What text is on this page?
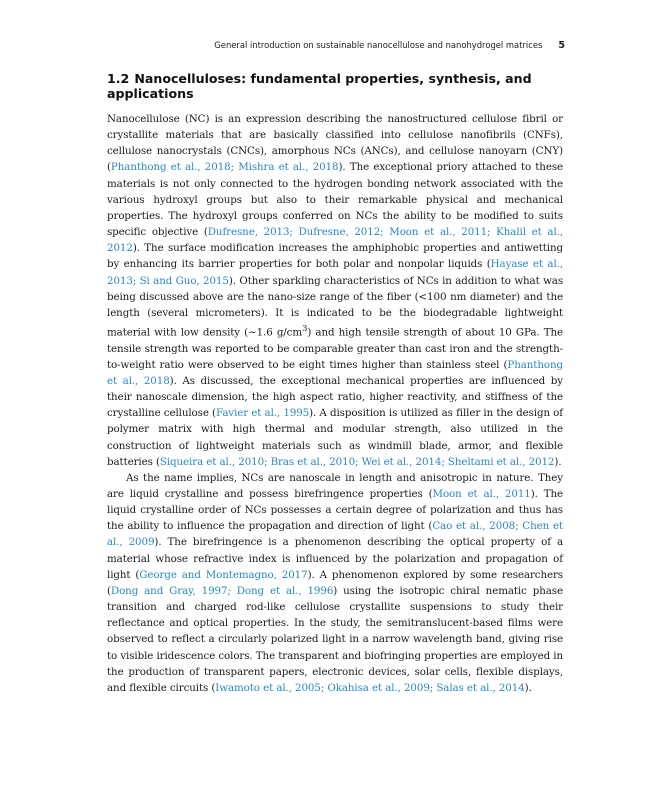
General introduction on sustainable nanocellulose and nanohydrogel matrices 5
1.2 Nanocelluloses: fundamental properties, synthesis, and applications

Nanocellulose (NC) is an expression describing the nanostructured cellulose fibril or crystallite materials that are basically classified into cellulose nanofibrils (CNFs), cellulose nanocrystals (CNCs), amorphous NCs (ANCs), and cellulose nanoyarn (CNY) (Phanthong et al., 2018; Mishra et al., 2018). The exceptional priory attached to these materials is not only connected to the hydrogen bonding network associated with the various hydroxyl groups but also to their remarkable physical and mechanical properties. The hydroxyl groups conferred on NCs the ability to be modified to suits specific objective (Dufresne, 2013; Dufresne, 2012; Moon et al., 2011; Khalil et al., 2012). The surface modification increases the amphiphobic properties and antiwetting by enhancing its barrier properties for both polar and nonpolar liquids (Hayase et al., 2013; Si and Guo, 2015). Other sparkling characteristics of NCs in addition to what was being discussed above are the nano-size range of the fiber (<100 nm diameter) and the length (several micrometers). It is indicated to be the biodegradable lightweight material with low density (~1.6 $g/cm^3$) and high tensile strength of about 10 GPa. The tensile strength was reported to be comparable greater than cast iron and the strength-to-weight ratio were observed to be eight times higher than stainless steel (Phanthong et al., 2018). As discussed, the exceptional mechanical properties are influenced by their nanoscale dimension, the high aspect ratio, higher reactivity, and stiffness of the crystalline cellulose (Favier et al., 1995). A disposition is utilized as filler in the design of polymer matrix with high thermal and modular strength, also utilized in the construction of lightweight materials such as windmill blade, armor, and flexible batteries (Siqueira et al., 2010; Bras et al., 2010; Wei et al., 2014; Sheltami et al., 2012).

As the name implies, NCs are nanoscale in length and anisotropic in nature. They are liquid crystalline and possess birefringence properties (Moon et al., 2011). The liquid crystalline order of NCs possesses a certain degree of polarization and thus has the ability to influence the propagation and direction of light (Cao et al., 2008; Chen et al., 2009). The birefringence is a phenomenon describing the optical property of a material whose refractive index is influenced by the polarization and propagation of light (George and Montemagno, 2017). A phenomenon explored by some researchers (Dong and Gray, 1997; Dong et al., 1996) using the isotropic chiral nematic phase transition and charged rod-like cellulose crystallite suspensions to study their reflectance and optical properties. In the study, the semitranslucent-based films were observed to reflect a circularly polarized light in a narrow wavelength band, giving rise to visible iridescence colors. The transparent and biofringing properties are employed in the production of transparent papers, electronic devices, solar cells, flexible displays, and flexible circuits (Iwamoto et al., 2005; Okahisa et al., 2009; Salas et al., 2014).
